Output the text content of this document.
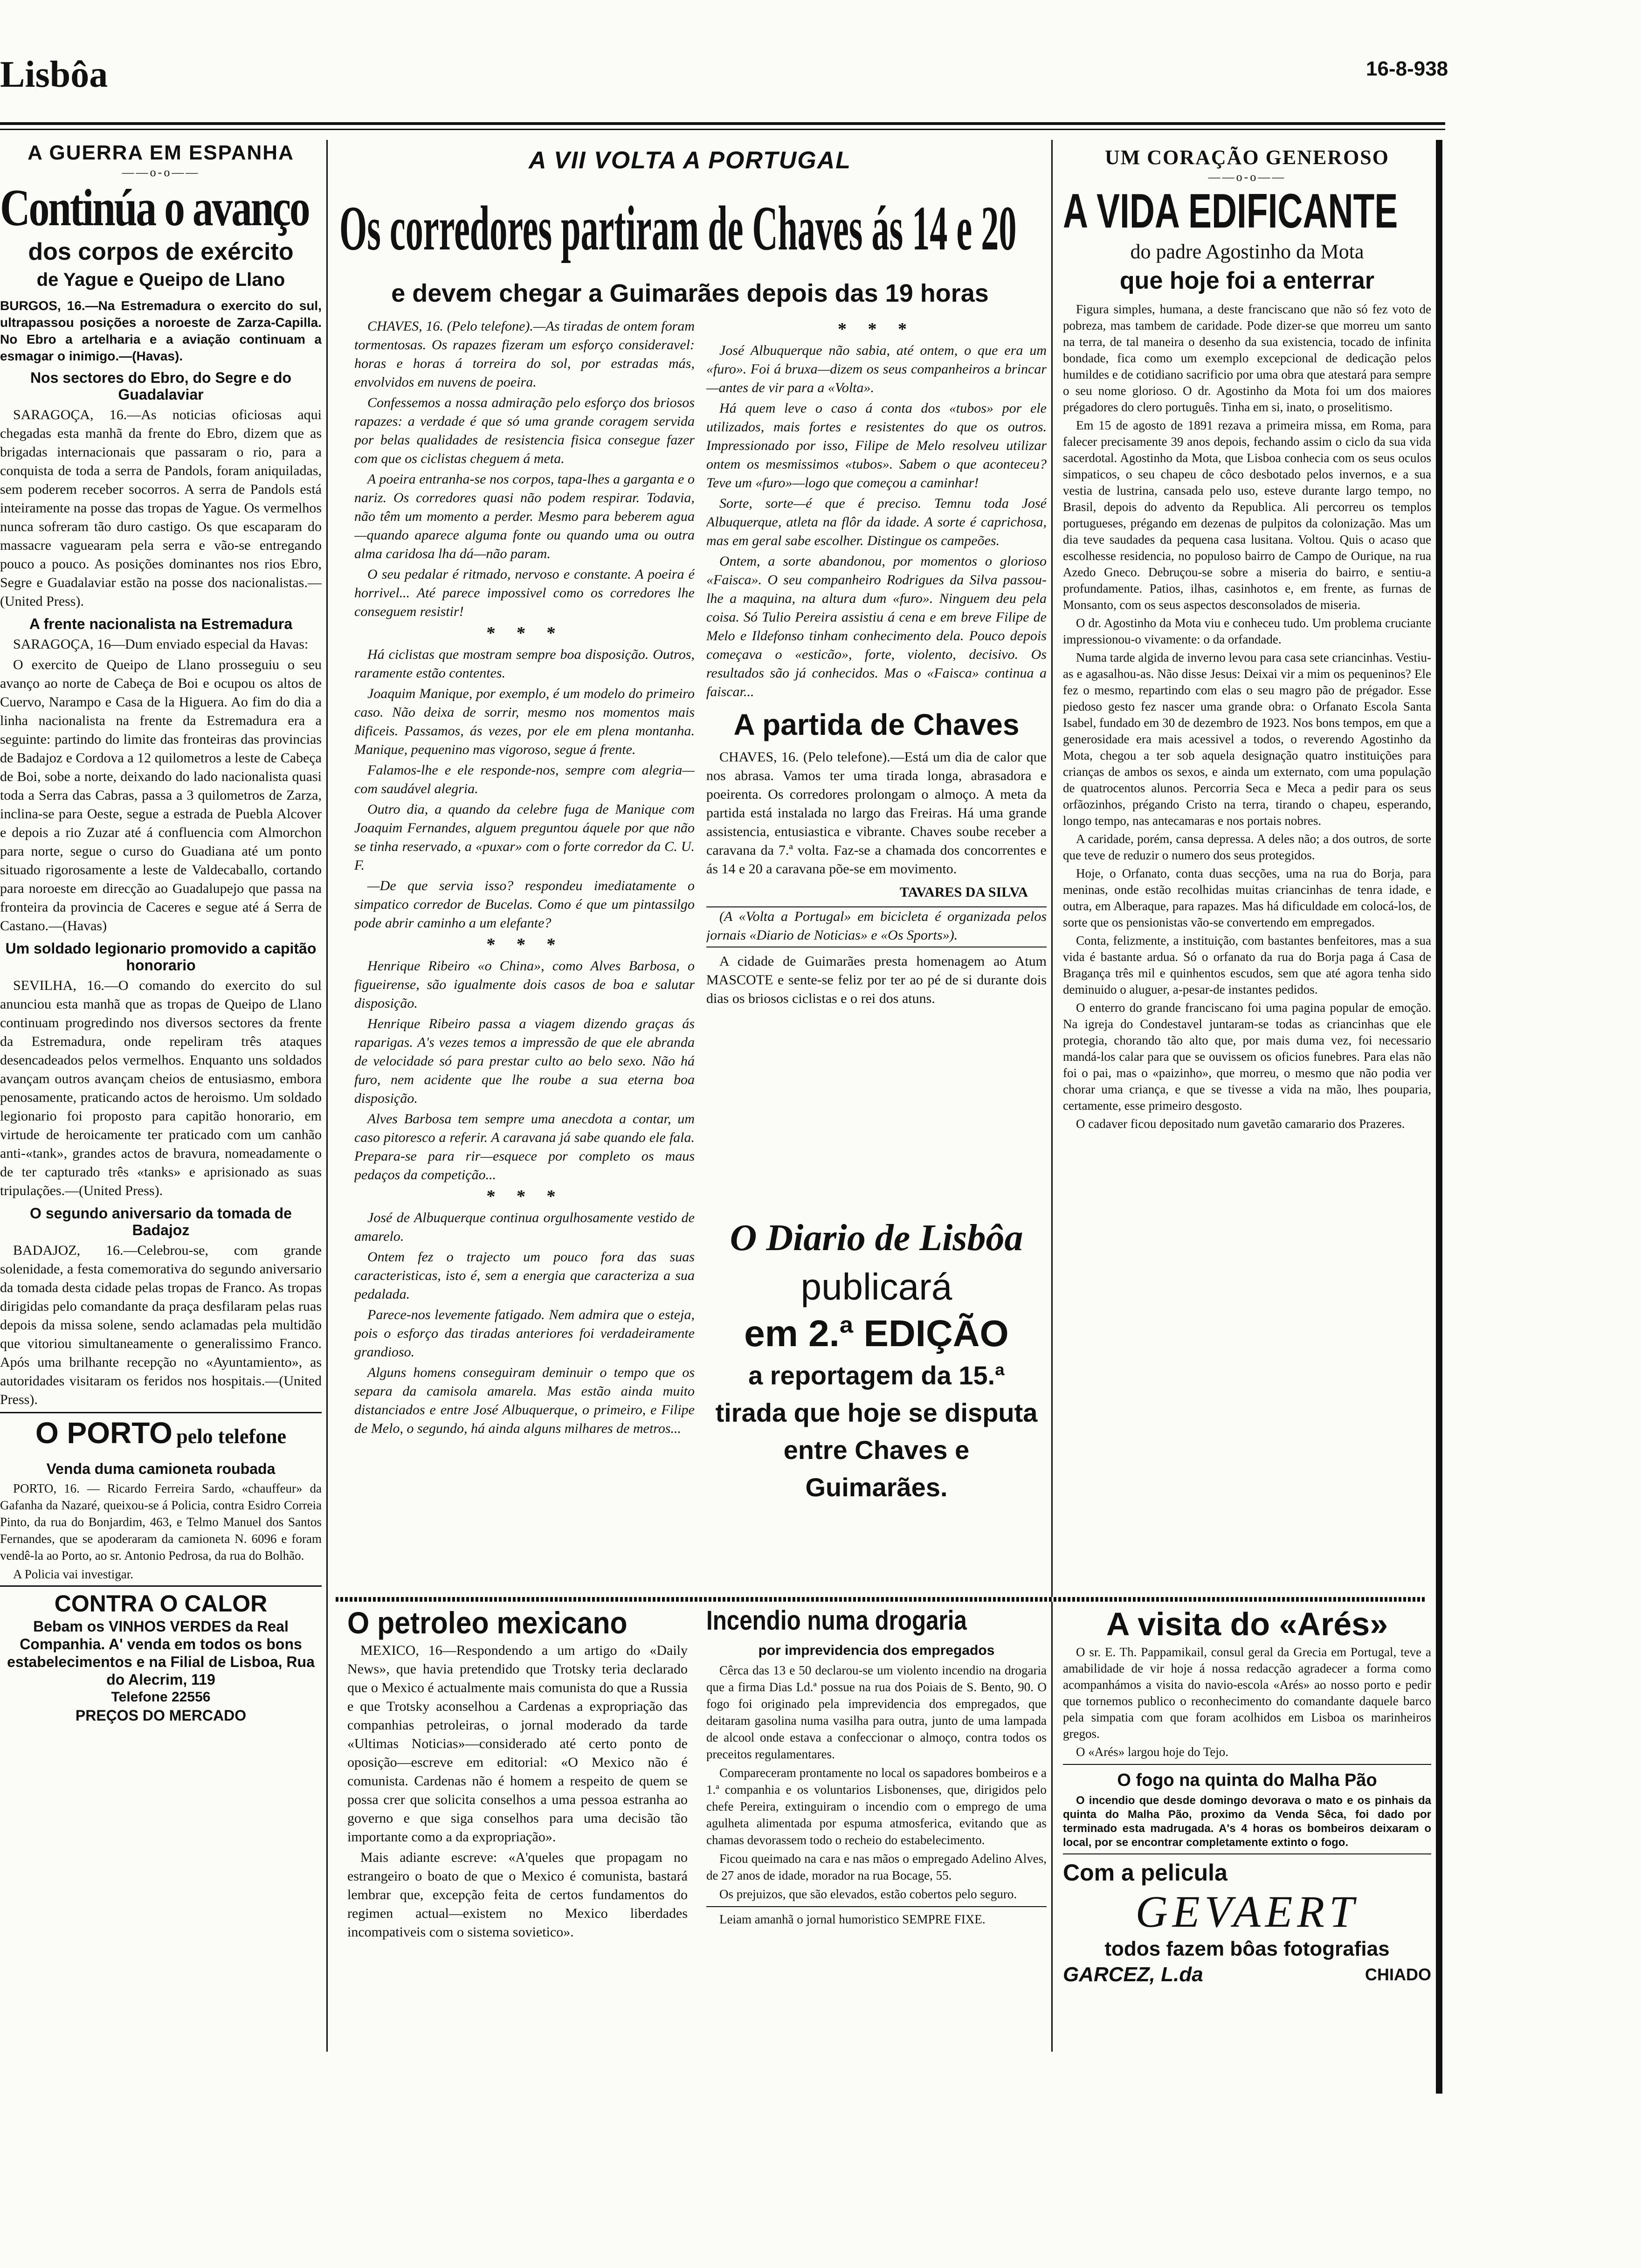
Lisbôa	16-8-938
A GUERRA EM ESPANHA
——o-o——
Continúa o avanço
dos corpos de exército
de Yague e Queipo de Llano

BURGOS, 16.—Na Estremadura o exercito do sul, ultrapassou posições a noroeste de Zarza-Capilla. No Ebro a artelharia e a aviação continuam a esmagar o inimigo.—(Havas).

Nos sectores do Ebro, do Segre e do Guadalaviar

SARAGOÇA, 16.—As noticias oficiosas aqui chegadas esta manhã da frente do Ebro, dizem que as brigadas internacionais que passaram o rio, para a conquista de toda a serra de Pandols, foram aniquiladas, sem poderem receber socorros. A serra de Pandols está inteiramente na posse das tropas de Yague. Os vermelhos nunca sofreram tão duro castigo. Os que escaparam do massacre vaguearam pela serra e vão-se entregando pouco a pouco. As posições dominantes nos rios Ebro, Segre e Guadalaviar estão na posse dos nacionalistas.—(United Press).

A frente nacionalista na Estremadura

SARAGOÇA, 16—Dum enviado especial da Havas:

O exercito de Queipo de Llano prosseguiu o seu avanço ao norte de Cabeça de Boi e ocupou os altos de Cuervo, Narampo e Casa de la Higuera. Ao fim do dia a linha nacionalista na frente da Estremadura era a seguinte: partindo do limite das fronteiras das provincias de Badajoz e Cordova a 12 quilometros a leste de Cabeça de Boi, sobe a norte, deixando do lado nacionalista quasi toda a Serra das Cabras, passa a 3 quilometros de Zarza, inclina-se para Oeste, segue a estrada de Puebla Alcover e depois a rio Zuzar até á confluencia com Almorchon para norte, segue o curso do Guadiana até um ponto situado rigorosamente a leste de Valdecaballo, cortando para noroeste em direcção ao Guadalupejo que passa na fronteira da provincia de Caceres e segue até á Serra de Castano.—(Havas)

Um soldado legionario promovido a capitão honorario

SEVILHA, 16.—O comando do exercito do sul anunciou esta manhã que as tropas de Queipo de Llano continuam progredindo nos diversos sectores da frente da Estremadura, onde repeliram três ataques desencadeados pelos vermelhos. Enquanto uns soldados avançam outros avançam cheios de entusiasmo, embora penosamente, praticando actos de heroismo. Um soldado legionario foi proposto para capitão honorario, em virtude de heroicamente ter praticado com um canhão anti-«tank», grandes actos de bravura, nomeadamente o de ter capturado três «tanks» e aprisionado as suas tripulações.—(United Press).

O segundo aniversario da tomada de Badajoz

BADAJOZ, 16.—Celebrou-se, com grande solenidade, a festa comemorativa do segundo aniversario da tomada desta cidade pelas tropas de Franco. As tropas dirigidas pelo comandante da praça desfilaram pelas ruas depois da missa solene, sendo aclamadas pela multidão que vitoriou simultaneamente o generalissimo Franco. Após uma brilhante recepção no «Ayuntamiento», as autoridades visitaram os feridos nos hospitais.—(United Press).

O PORTO pelo telefone
Venda duma camioneta roubada

PORTO, 16. — Ricardo Ferreira Sardo, «chauffeur» da Gafanha da Nazaré, queixou-se á Policia, contra Esidro Correia Pinto, da rua do Bonjardim, 463, e Telmo Manuel dos Santos Fernandes, que se apoderaram da camioneta N. 6096 e foram vendê-la ao Porto, ao sr. Antonio Pedrosa, da rua do Bolhão.

A Policia vai investigar.

CONTRA O CALOR
Bebam os VINHOS VERDES da Real Companhia. A' venda em todos os bons estabelecimentos e na Filial de Lisboa, Rua do Alecrim, 119
Telefone 22556
PREÇOS DO MERCADO
A VII VOLTA A PORTUGAL
Os corredores partiram de Chaves ás 14 e 20
e devem chegar a Guimarães depois das 19 horas

CHAVES, 16. (Pelo telefone).—As tiradas de ontem foram tormentosas. Os rapazes fizeram um esforço consideravel: horas e horas á torreira do sol, por estradas más, envolvidos em nuvens de poeira.

Confessemos a nossa admiração pelo esforço dos briosos rapazes: a verdade é que só uma grande coragem servida por belas qualidades de resistencia fisica consegue fazer com que os ciclistas cheguem á meta.

A poeira entranha-se nos corpos, tapa-lhes a garganta e o nariz. Os corredores quasi não podem respirar. Todavia, não têm um momento a perder. Mesmo para beberem agua—quando aparece alguma fonte ou quando uma ou outra alma caridosa lha dá—não param.

O seu pedalar é ritmado, nervoso e constante. A poeira é horrivel... Até parece impossivel como os corredores lhe conseguem resistir!

* * *

Há ciclistas que mostram sempre boa disposição. Outros, raramente estão contentes.

Joaquim Manique, por exemplo, é um modelo do primeiro caso. Não deixa de sorrir, mesmo nos momentos mais dificeis. Passamos, ás vezes, por ele em plena montanha. Manique, pequenino mas vigoroso, segue á frente.

Falamos-lhe e ele responde-nos, sempre com alegria—com saudável alegria.

Outro dia, a quando da celebre fuga de Manique com Joaquim Fernandes, alguem preguntou áquele por que não se tinha reservado, a «puxar» com o forte corredor da C. U. F.

—De que servia isso? respondeu imediatamente o simpatico corredor de Bucelas. Como é que um pintassilgo pode abrir caminho a um elefante?

* * *

Henrique Ribeiro «o China», como Alves Barbosa, o figueirense, são igualmente dois casos de boa e salutar disposição.

Henrique Ribeiro passa a viagem dizendo graças ás raparigas. A's vezes temos a impressão de que ele abranda de velocidade só para prestar culto ao belo sexo. Não há furo, nem acidente que lhe roube a sua eterna boa disposição.

Alves Barbosa tem sempre uma anecdota a contar, um caso pitoresco a referir. A caravana já sabe quando ele fala. Prepara-se para rir—esquece por completo os maus pedaços da competição...

* * *

José de Albuquerque continua orgulhosamente vestido de amarelo.

Ontem fez o trajecto um pouco fora das suas caracteristicas, isto é, sem a energia que caracteriza a sua pedalada.

Parece-nos levemente fatigado. Nem admira que o esteja, pois o esforço das tiradas anteriores foi verdadeiramente grandioso.

Alguns homens conseguiram deminuir o tempo que os separa da camisola amarela. Mas estão ainda muito distanciados e entre José Albuquerque, o primeiro, e Filipe de Melo, o segundo, há ainda alguns milhares de metros...

* * *

José Albuquerque não sabia, até ontem, o que era um «furo». Foi á bruxa—dizem os seus companheiros a brincar—antes de vir para a «Volta».

Há quem leve o caso á conta dos «tubos» por ele utilizados, mais fortes e resistentes do que os outros. Impressionado por isso, Filipe de Melo resolveu utilizar ontem os mesmissimos «tubos». Sabem o que aconteceu? Teve um «furo»—logo que começou a caminhar!

Sorte, sorte—é que é preciso. Temnu toda José Albuquerque, atleta na flôr da idade. A sorte é caprichosa, mas em geral sabe escolher. Distingue os campeões.

Ontem, a sorte abandonou, por momentos o glorioso «Faisca». O seu companheiro Rodrigues da Silva passou-lhe a maquina, na altura dum «furo». Ninguem deu pela coisa. Só Tulio Pereira assistiu á cena e em breve Filipe de Melo e Ildefonso tinham conhecimento dela. Pouco depois começava o «esticão», forte, violento, decisivo. Os resultados são já conhecidos. Mas o «Faisca» continua a faiscar...

A partida de Chaves

CHAVES, 16. (Pelo telefone).—Está um dia de calor que nos abrasa. Vamos ter uma tirada longa, abrasadora e poeirenta. Os corredores prolongam o almoço. A meta da partida está instalada no largo das Freiras. Há uma grande assistencia, entusiastica e vibrante. Chaves soube receber a caravana da 7.ª volta. Faz-se a chamada dos concorrentes e ás 14 e 20 a caravana põe-se em movimento.

TAVARES DA SILVA

(A «Volta a Portugal» em bicicleta é organizada pelos jornais «Diario de Noticias» e «Os Sports»).

A cidade de Guimarães presta homenagem ao Atum MASCOTE e sente-se feliz por ter ao pé de si durante dois dias os briosos ciclistas e o rei dos atuns.

O Diario de Lisbôa
publicará
em 2.ª EDIÇÃO
a reportagem da 15.ª tirada que hoje se disputa entre Chaves e Guimarães.
O petroleo mexicano

MEXICO, 16—Respondendo a um artigo do «Daily News», que havia pretendido que Trotsky teria declarado que o Mexico é actualmente mais comunista do que a Russia e que Trotsky aconselhou a Cardenas a expropriação das companhias petroleiras, o jornal moderado da tarde «Ultimas Noticias»—considerado até certo ponto de oposição—escreve em editorial: «O Mexico não é comunista. Cardenas não é homem a respeito de quem se possa crer que solicita conselhos a uma pessoa estranha ao governo e que siga conselhos para uma decisão tão importante como a da expropriação».

Mais adiante escreve: «A'queles que propagam no estrangeiro o boato de que o Mexico é comunista, bastará lembrar que, excepção feita de certos fundamentos do regimen actual—existem no Mexico liberdades incompativeis com o sistema sovietico».

Incendio numa drogaria
por imprevidencia dos empregados

Cêrca das 13 e 50 declarou-se um violento incendio na drogaria que a firma Dias Ld.ª possue na rua dos Poiais de S. Bento, 90. O fogo foi originado pela imprevidencia dos empregados, que deitaram gasolina numa vasilha para outra, junto de uma lampada de alcool onde estava a confeccionar o almoço, contra todos os preceitos regulamentares.

Compareceram prontamente no local os sapadores bombeiros e a 1.ª companhia e os voluntarios Lisbonenses, que, dirigidos pelo chefe Pereira, extinguiram o incendio com o emprego de uma agulheta alimentada por espuma atmosferica, evitando que as chamas devorassem todo o recheio do estabelecimento.

Ficou queimado na cara e nas mãos o empregado Adelino Alves, de 27 anos de idade, morador na rua Bocage, 55.

Os prejuizos, que são elevados, estão cobertos pelo seguro.

Leiam amanhã o jornal humoristico SEMPRE FIXE.

UM CORAÇÃO GENEROSO
——o-o——
A VIDA EDIFICANTE
do padre Agostinho da Mota
que hoje foi a enterrar

Figura simples, humana, a deste franciscano que não só fez voto de pobreza, mas tambem de caridade. Pode dizer-se que morreu um santo na terra, de tal maneira o desenho da sua existencia, tocado de infinita bondade, fica como um exemplo excepcional de dedicação pelos humildes e de cotidiano sacrificio por uma obra que atestará para sempre o seu nome glorioso. O dr. Agostinho da Mota foi um dos maiores prégadores do clero português. Tinha em si, inato, o proselitismo.

Em 15 de agosto de 1891 rezava a primeira missa, em Roma, para falecer precisamente 39 anos depois, fechando assim o ciclo da sua vida sacerdotal. Agostinho da Mota, que Lisboa conhecia com os seus oculos simpaticos, o seu chapeu de côco desbotado pelos invernos, e a sua vestia de lustrina, cansada pelo uso, esteve durante largo tempo, no Brasil, depois do advento da Republica. Ali percorreu os templos portugueses, prégando em dezenas de pulpitos da colonização. Mas um dia teve saudades da pequena casa lusitana. Voltou. Quis o acaso que escolhesse residencia, no populoso bairro de Campo de Ourique, na rua Azedo Gneco. Debruçou-se sobre a miseria do bairro, e sentiu-a profundamente. Patios, ilhas, casinhotos e, em frente, as furnas de Monsanto, com os seus aspectos desconsolados de miseria.

O dr. Agostinho da Mota viu e conheceu tudo. Um problema cruciante impressionou-o vivamente: o da orfandade.

Numa tarde algida de inverno levou para casa sete criancinhas. Vestiu-as e agasalhou-as. Não disse Jesus: Deixai vir a mim os pequeninos? Ele fez o mesmo, repartindo com elas o seu magro pão de prégador. Esse piedoso gesto fez nascer uma grande obra: o Orfanato Escola Santa Isabel, fundado em 30 de dezembro de 1923. Nos bons tempos, em que a generosidade era mais acessivel a todos, o reverendo Agostinho da Mota, chegou a ter sob aquela designação quatro instituições para crianças de ambos os sexos, e ainda um externato, com uma população de quatrocentos alunos. Percorria Seca e Meca a pedir para os seus orfãozinhos, prégando Cristo na terra, tirando o chapeu, esperando, longo tempo, nas antecamaras e nos portais nobres.

A caridade, porém, cansa depressa. A deles não; a dos outros, de sorte que teve de reduzir o numero dos seus protegidos.

Hoje, o Orfanato, conta duas secções, uma na rua do Borja, para meninas, onde estão recolhidas muitas criancinhas de tenra idade, e outra, em Alberaque, para rapazes. Mas há dificuldade em colocá-los, de sorte que os pensionistas vão-se convertendo em empregados.

Conta, felizmente, a instituição, com bastantes benfeitores, mas a sua vida é bastante ardua. Só o orfanato da rua do Borja paga á Casa de Bragança três mil e quinhentos escudos, sem que até agora tenha sido deminuido o aluguer, a-pesar-de instantes pedidos.

O enterro do grande franciscano foi uma pagina popular de emoção. Na igreja do Condestavel juntaram-se todas as criancinhas que ele protegia, chorando tão alto que, por mais duma vez, foi necessario mandá-los calar para que se ouvissem os oficios funebres. Para elas não foi o pai, mas o «paizinho», que morreu, o mesmo que não podia ver chorar uma criança, e que se tivesse a vida na mão, lhes pouparia, certamente, esse primeiro desgosto.

O cadaver ficou depositado num gavetão camarario dos Prazeres.

A visita do «Arés»

O sr. E. Th. Pappamikail, consul geral da Grecia em Portugal, teve a amabilidade de vir hoje á nossa redacção agradecer a forma como acompanhámos a visita do navio-escola «Arés» ao nosso porto e pedir que tornemos publico o reconhecimento do comandante daquele barco pela simpatia com que foram acolhidos em Lisboa os marinheiros gregos.

O «Arés» largou hoje do Tejo.

O fogo na quinta do Malha Pão

O incendio que desde domingo devorava o mato e os pinhais da quinta do Malha Pão, proximo da Venda Sêca, foi dado por terminado esta madrugada. A's 4 horas os bombeiros deixaram o local, por se encontrar completamente extinto o fogo.

Com a pelicula
GEVAERT
todos fazem bôas fotografias
GARCEZ, L.da	CHIADO
